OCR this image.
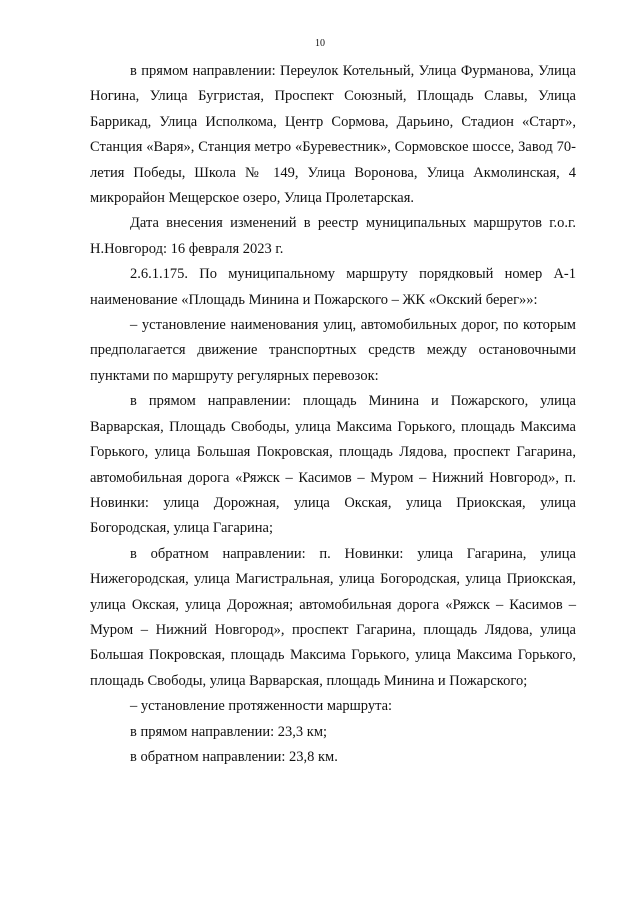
10

в прямом направлении: Переулок Котельный, Улица Фурманова, Улица Ногина, Улица Бугристая, Проспект Союзный, Площадь Славы, Улица Баррикад, Улица Исполкома, Центр Сормова, Дарьино, Стадион «Старт», Станция «Варя», Станция метро «Буревестник», Сормовское шоссе, Завод 70-летия Победы, Школа № 149, Улица Воронова, Улица Акмолинская, 4 микрорайон Мещерское озеро, Улица Пролетарская.

Дата внесения изменений в реестр муниципальных маршрутов г.о.г. Н.Новгород: 16 февраля 2023 г.

2.6.1.175. По муниципальному маршруту порядковый номер А-1 наименование «Площадь Минина и Пожарского – ЖК «Окский берег»»:

– установление наименования улиц, автомобильных дорог, по которым предполагается движение транспортных средств между остановочными пунктами по маршруту регулярных перевозок:

в прямом направлении: площадь Минина и Пожарского, улица Варварская, Площадь Свободы, улица Максима Горького, площадь Максима Горького, улица Большая Покровская, площадь Лядова, проспект Гагарина, автомобильная дорога «Ряжск – Касимов – Муром – Нижний Новгород», п. Новинки: улица Дорожная, улица Окская, улица Приокская, улица Богородская, улица Гагарина;

в обратном направлении: п. Новинки: улица Гагарина, улица Нижегородская, улица Магистральная, улица Богородская, улица Приокская, улица Окская, улица Дорожная; автомобильная дорога «Ряжск – Касимов – Муром – Нижний Новгород», проспект Гагарина, площадь Лядова, улица Большая Покровская, площадь Максима Горького, улица Максима Горького, площадь Свободы, улица Варварская, площадь Минина и Пожарского;

– установление протяженности маршрута:

в прямом направлении: 23,3 км;

в обратном направлении: 23,8 км.
